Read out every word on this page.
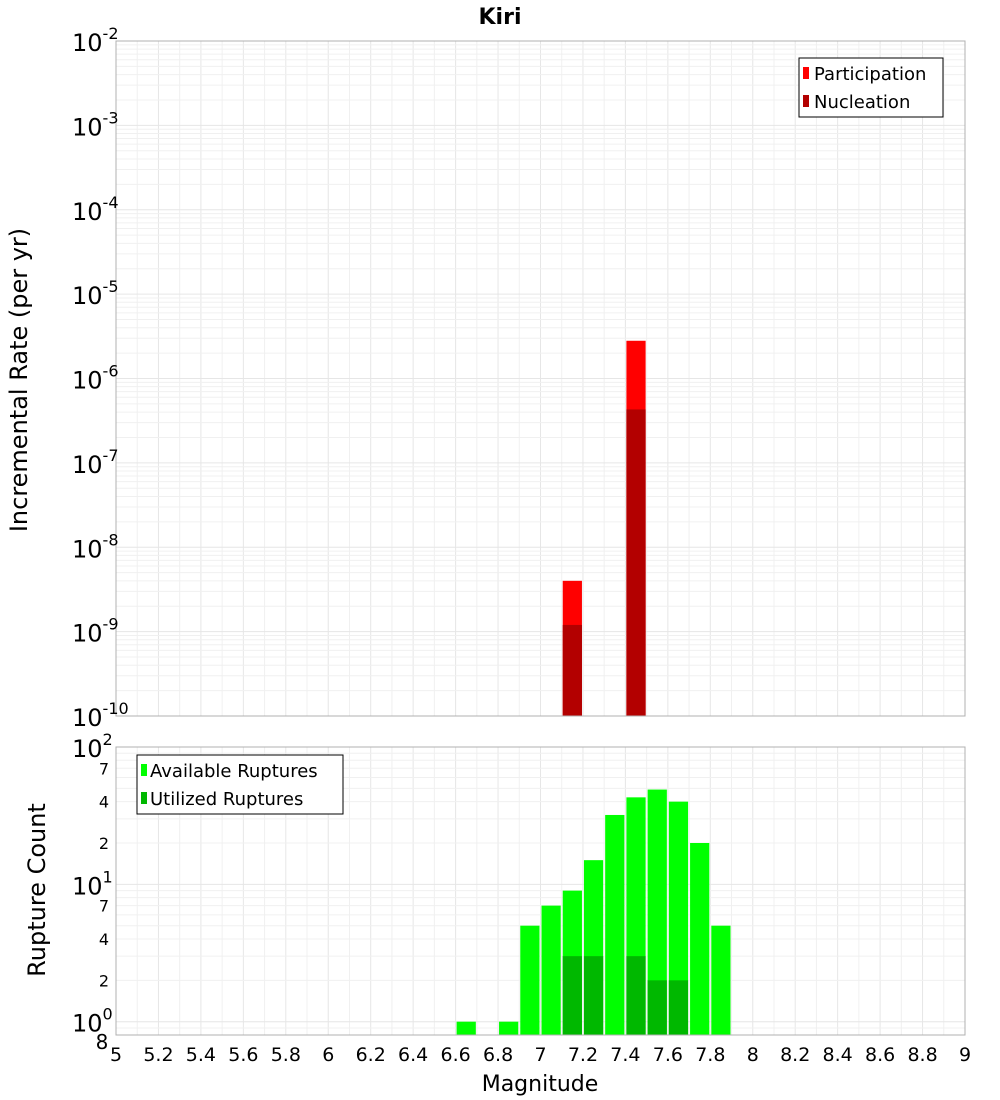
Kiri
$10^{-2}$
$10^{-3}$
$10^{-4}$
$10^{-5}$
$10^{-6}$
$10^{-7}$
$10^{-8}$
$10^{-9}$
$10^{-10}$
$10^2$
$10^1$
$10^0$
7
4
2
7
4
2
8
5 5.2 5.4 5.6 5.8 6 6.2 6.4 6.6 6.8 7 7.2 7.4 7.6 7.8 8 8.2 8.4 8.6 8.8 9
Incremental Rate (per yr)
Rupture Count
Magnitude
Participation
Nucleation
Available Ruptures
Utilized Ruptures
